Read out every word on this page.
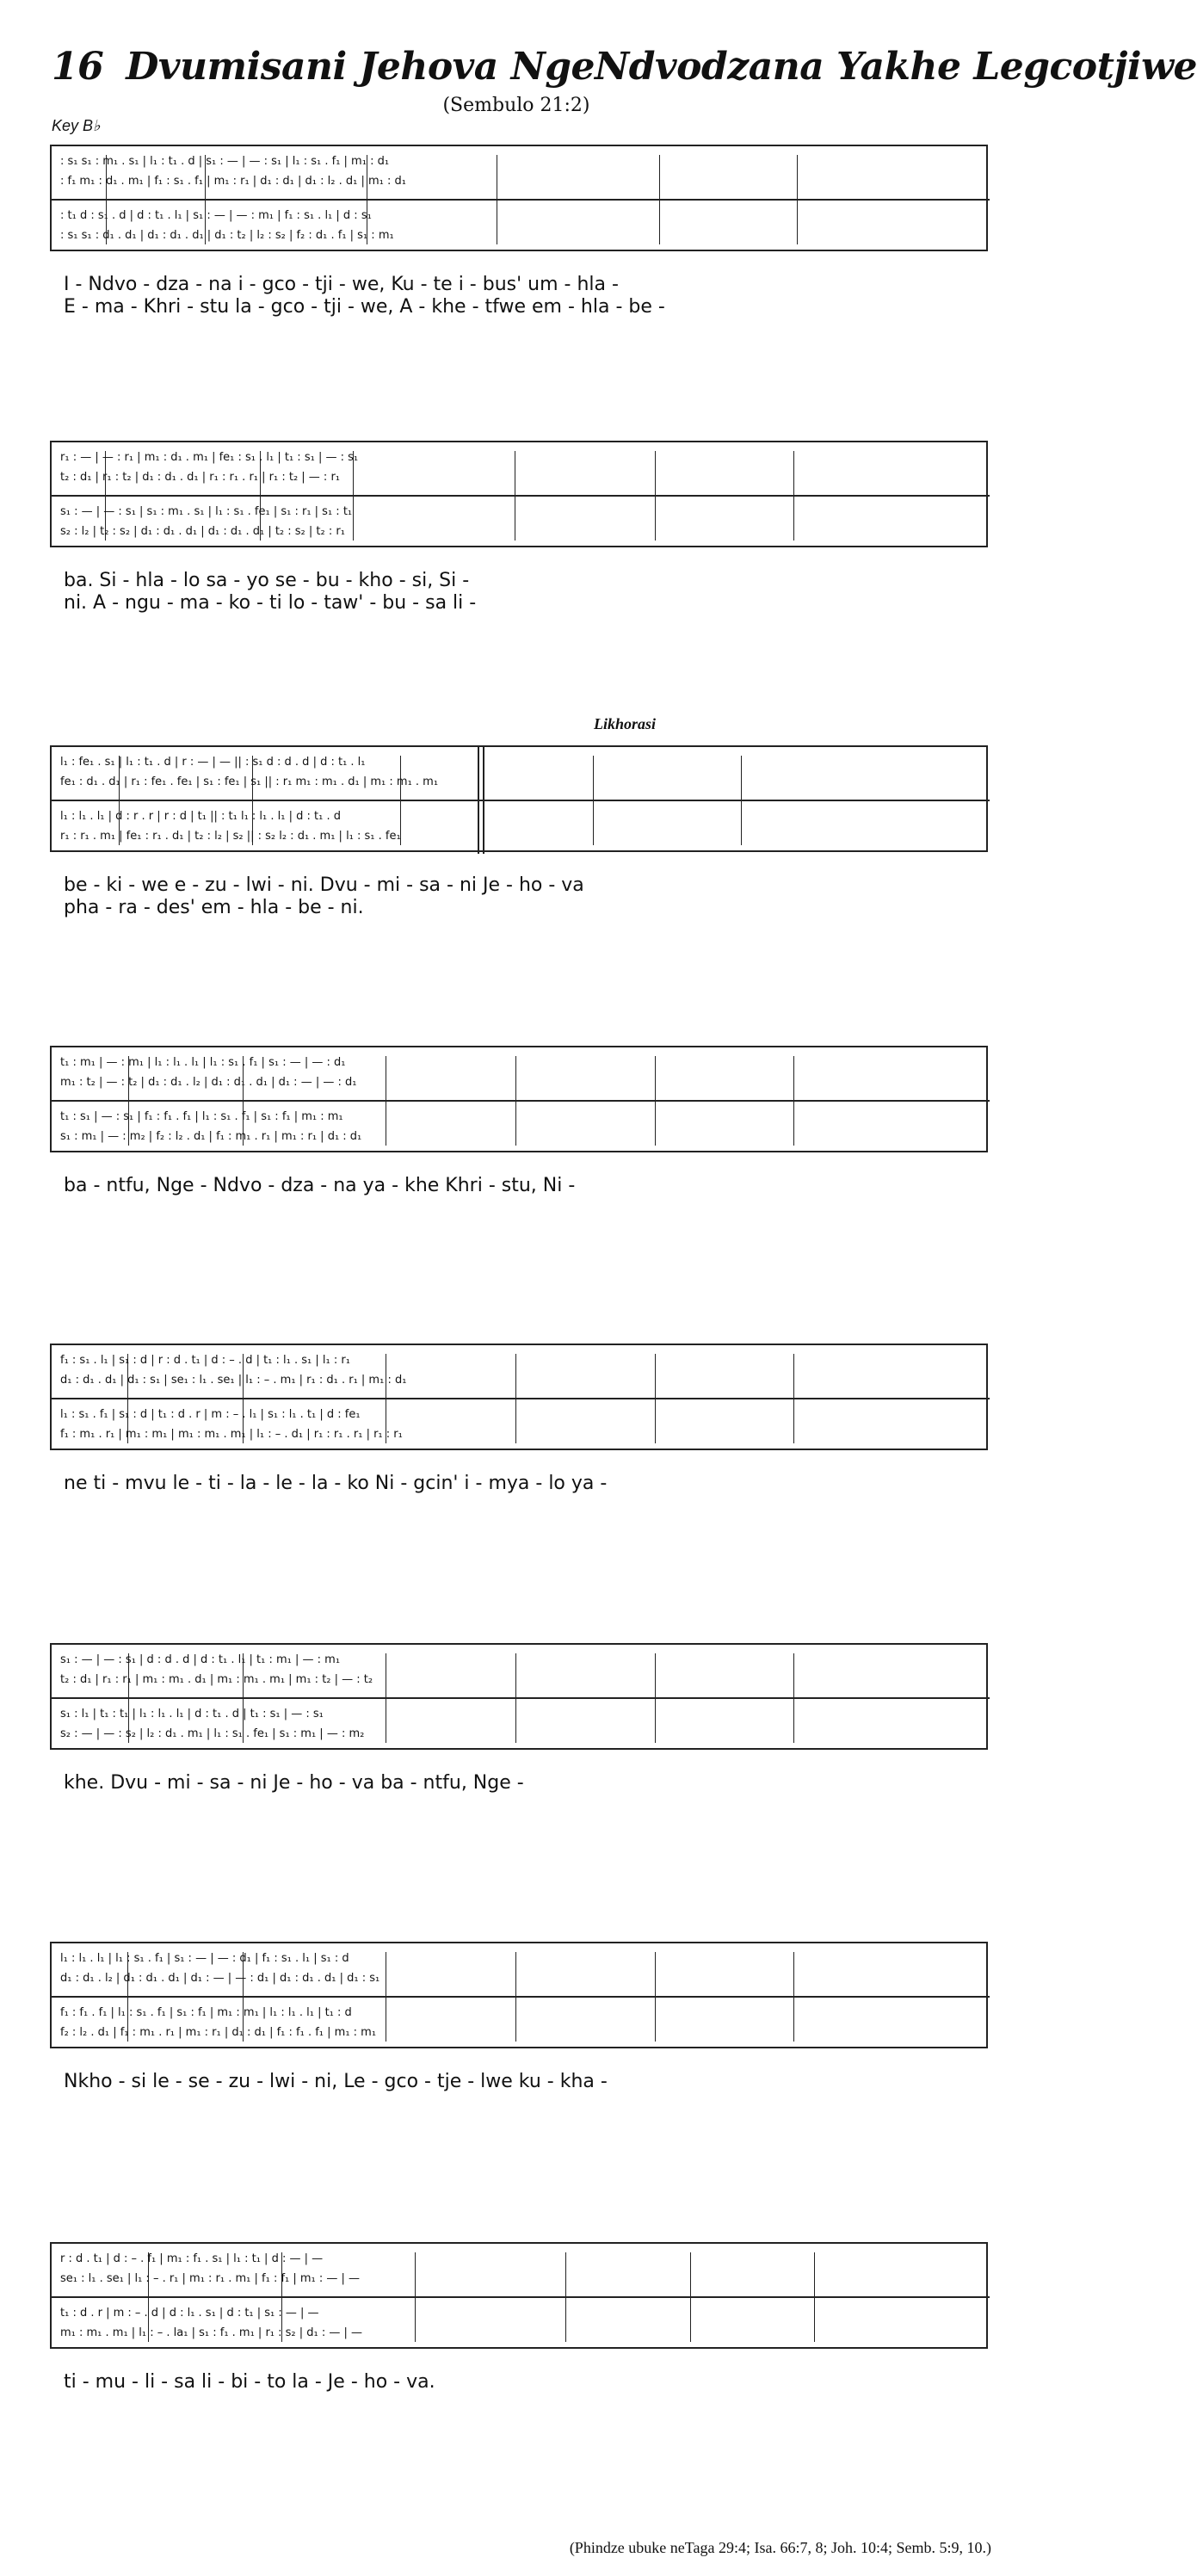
16 Dvumisani Jehova NgeNdvodzana Yakhe Legcotjiwe
(Sembulo 21:2)
Key B♭
Likhorasi
: s₁ s₁ : m₁ . s₁ | l₁ : t₁ . d | s₁ : — | — : s₁ | l₁ : s₁ . f₁ | m₁ : d₁
: f₁ m₁ : d₁ . m₁ | f₁ : s₁ . f₁ | m₁ : r₁ | d₁ : d₁ | d₁ : l₂ . d₁ | m₁ : d₁
: t₁ d : s₁ . d | d : t₁ . l₁ | s₁ : — | — : m₁ | f₁ : s₁ . l₁ | d : s₁
: s₁ s₁ : d₁ . d₁ | d₁ : d₁ . d₁ | d₁ : t₂ | l₂ : s₂ | f₂ : d₁ . f₁ | s₁ : m₁
I - Ndvo - dza - na i - gco - tji - we, Ku - te i - bus' um - hla -
E - ma - Khri - stu la - gco - tji - we, A - khe - tfwe em - hla - be -
r₁ : — | — : r₁ | m₁ : d₁ . m₁ | fe₁ : s₁ . l₁ | t₁ : s₁ | — : s₁
t₂ : d₁ | r₁ : t₂ | d₁ : d₁ . d₁ | r₁ : r₁ . r₁ | r₁ : t₂ | — : r₁
s₁ : — | — : s₁ | s₁ : m₁ . s₁ | l₁ : s₁ . fe₁ | s₁ : r₁ | s₁ : t₁
s₂ : l₂ | t₂ : s₂ | d₁ : d₁ . d₁ | d₁ : d₁ . d₁ | t₂ : s₂ | t₂ : r₁
ba. Si - hla - lo sa - yo se - bu - kho - si, Si -
ni. A - ngu - ma - ko - ti lo - taw' - bu - sa li -
l₁ : fe₁ . s₁ | l₁ : t₁ . d | r : — | — || : s₁ d : d . d | d : t₁ . l₁
fe₁ : d₁ . d₁ | r₁ : fe₁ . fe₁ | s₁ : fe₁ | s₁ || : r₁ m₁ : m₁ . d₁ | m₁ : m₁ . m₁
l₁ : l₁ . l₁ | d : r . r | r : d | t₁ || : t₁ l₁ : l₁ . l₁ | d : t₁ . d
r₁ : r₁ . m₁ | fe₁ : r₁ . d₁ | t₂ : l₂ | s₂ || : s₂ l₂ : d₁ . m₁ | l₁ : s₁ . fe₁
be - ki - we e - zu - lwi - ni. Dvu - mi - sa - ni Je - ho - va
pha - ra - des' em - hla - be - ni.
t₁ : m₁ | — : m₁ | l₁ : l₁ . l₁ | l₁ : s₁ . f₁ | s₁ : — | — : d₁
m₁ : t₂ | — : t₂ | d₁ : d₁ . l₂ | d₁ : d₁ . d₁ | d₁ : — | — : d₁
t₁ : s₁ | — : s₁ | f₁ : f₁ . f₁ | l₁ : s₁ . f₁ | s₁ : f₁ | m₁ : m₁
s₁ : m₁ | — : m₂ | f₂ : l₂ . d₁ | f₁ : m₁ . r₁ | m₁ : r₁ | d₁ : d₁
ba - ntfu, Nge - Ndvo - dza - na ya - khe Khri - stu, Ni -
f₁ : s₁ . l₁ | s₁ : d | r : d . t₁ | d : – . d | t₁ : l₁ . s₁ | l₁ : r₁
d₁ : d₁ . d₁ | d₁ : s₁ | se₁ : l₁ . se₁ | l₁ : – . m₁ | r₁ : d₁ . r₁ | m₁ : d₁
l₁ : s₁ . f₁ | s₁ : d | t₁ : d . r | m : – . l₁ | s₁ : l₁ . t₁ | d : fe₁
f₁ : m₁ . r₁ | m₁ : m₁ | m₁ : m₁ . m₁ | l₁ : – . d₁ | r₁ : r₁ . r₁ | r₁ : r₁
ne ti - mvu le - ti - la - le - la - ko Ni - gcin' i - mya - lo ya -
s₁ : — | — : s₁ | d : d . d | d : t₁ . l₁ | t₁ : m₁ | — : m₁
t₂ : d₁ | r₁ : r₁ | m₁ : m₁ . d₁ | m₁ : m₁ . m₁ | m₁ : t₂ | — : t₂
s₁ : l₁ | t₁ : t₁ | l₁ : l₁ . l₁ | d : t₁ . d | t₁ : s₁ | — : s₁
s₂ : — | — : s₂ | l₂ : d₁ . m₁ | l₁ : s₁ . fe₁ | s₁ : m₁ | — : m₂
khe. Dvu - mi - sa - ni Je - ho - va ba - ntfu, Nge -
l₁ : l₁ . l₁ | l₁ : s₁ . f₁ | s₁ : — | — : d₁ | f₁ : s₁ . l₁ | s₁ : d
d₁ : d₁ . l₂ | d₁ : d₁ . d₁ | d₁ : — | — : d₁ | d₁ : d₁ . d₁ | d₁ : s₁
f₁ : f₁ . f₁ | l₁ : s₁ . f₁ | s₁ : f₁ | m₁ : m₁ | l₁ : l₁ . l₁ | t₁ : d
f₂ : l₂ . d₁ | f₁ : m₁ . r₁ | m₁ : r₁ | d₁ : d₁ | f₁ : f₁ . f₁ | m₁ : m₁
Nkho - si le - se - zu - lwi - ni, Le - gco - tje - lwe ku - kha -
r : d . t₁ | d : – . f₁ | m₁ : f₁ . s₁ | l₁ : t₁ | d : — | —
se₁ : l₁ . se₁ | l₁ : – . r₁ | m₁ : r₁ . m₁ | f₁ : f₁ | m₁ : — | —
t₁ : d . r | m : – . d | d : l₁ . s₁ | d : t₁ | s₁ : — | —
m₁ : m₁ . m₁ | l₁ : – . la₁ | s₁ : f₁ . m₁ | r₁ : s₂ | d₁ : — | —
ti - mu - li - sa li - bi - to la - Je - ho - va.
(Phindze ubuke neTaga 29:4; Isa. 66:7, 8; Joh. 10:4; Semb. 5:9, 10.)
